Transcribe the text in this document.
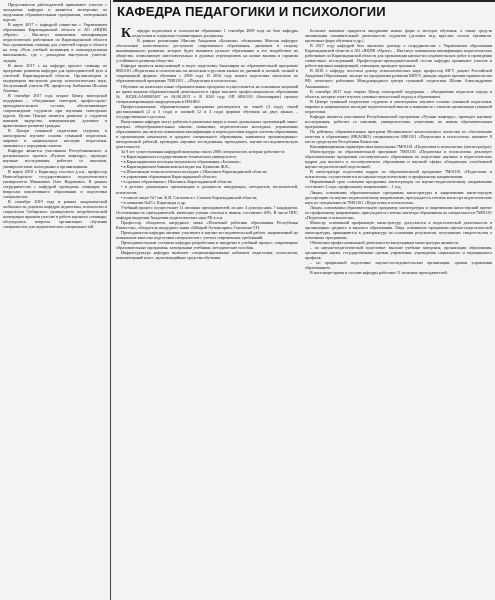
Представители работодателей принимают участие с заседаниях кафедры и являются экспертами по модульным образовательным программам, электронным курсам.

В марте 2017 г. кафедрой совместно с Управлением образования Карагандинской области и АО «НЦПК «Өрлеу» – Институт повышения квалификации педагогических работников по Карагандинской области был организован семинар для учителей города и области на тему «Роль учебной мотивации в самоопределении школьников», где с докладами выступили учителя-лидеры.

В июле 2017 г. на кафедре прошел семинар по программе развития кафедры для преподавателей вуза и учителей Карагандинской области. Организатором и модератором выступила доктор психологических наук, Заслуженный учитель РК, профессор Амбашева Шолпан Алаевна.

В сентябре 2017 года открыт Центр тьюторской поддержки – объединение тьюторов, профессорско-преподавательского состава, обеспечивающее сопровождение студентов при изучении тьюторских курсов. Целью Центра является развитие у студентов навыков лидерства, коммуникации, духовное и нравственное развитие граждан.

В Центре гуманной педагогики студенты и магистранты изучают основы гуманной педагогики, мировое и национальное наследие педагогики, знакомятся с передовым опытом.

Кафедра является участником Республиканского и регионального проекта «Рухани жаңғыру», проводит научные исследования, работает со школами, университетами, колледжами и организациями.

В марте 2018 г. Караганду посетил д.п.н., профессор Новосибирского государственного педагогического университета Мачаневич Олег Вадимович. В рамках сотрудничества с кафедрой проведены семинары по вопросам инклюзивного образования и подготовки специалистов.

В сентябре 2019 года в рамках академической мобильности доценты кафедры педагогики, психологии и социологии Сибирского университета потребительской кооперации приняли участие в работе научного семинара, обсуждались вопросы организации обучения специалистов для педагогических специальностей.

КАФЕДРА ПЕДАГОГИКИ И ПСИХОЛОГИИ

Кафедра педагогики и психологии образовано 1 сентября 2009 года на базе кафедры педагогики и социально-гуманитарных дисциплин.

В рамках реализации Миссии Академии «Болашак» обозначены Миссия кафедры: обеспечение качественного доступного современного образования, движение в сторону инновационного развития, которое будет вызывать цельное образование и его воздействие на общество, позволяющее интеллектуально и духовно отреагировать на новые вызовы и гарантия устойчивого развития общества.

Кафедра является выпускающей и ведет подготовку бакалавров по образовательной программе 6В01101 «Педагогика и психология» на казахском и русском языках по дневной и заочной, полной и сокращенной формам обучения с 2006 года. В 2016 году начата подготовка магистров по образовательной программе 7М01101 – «Педагогика и психология».

Обучение на казахском языке образовательных программ осуществляется на основании лицензий на право ведения образовательной деятельности в сфере высшего профессионального образования № КZ20LAA00005467 от 04.08.2015 г. В 2020 году ОП 6В01101 (бакалавриат) прошла специализированную аккредитацию в НАОКО.

Профессиональные образовательные программы реализуются по очной (4 года), очной дистанционной (2 и 3 года) и заочной (2 и 3 года) формам обучения на двух языках – государственном и русском.

Выпускники кафедры могут работать в различных видах и типах дошкольных организаций, мини-центрах, общеобразовательных школах, гимназиях, педагогических колледжах, управлениях образованием, институтах повышения квалификации и переподготовки кадров системы образования, в организациях начального и среднего специального образования, заниматься организационно-методической работой, проводить научные исследования, преподавать, научно-исследовательскую деятельность.

За 9 лет существования кафедрой выпущено около 2000 специалистов, которые работают в:

• в Карагандинском государственном техническом университете;

• в Карагандинском колледже актуального образования «Болашак»;

• в Карагандинском банковском колледже им. Букенова Ж.К.;

• в Шахтинском технологическом колледже г. Шахтинск Карагандинской области;

• в управлении образования Карагандинской области;

• в органах образования г. Шахтинск Карагандинской области;

• в детских дошкольных организациях в должности заведующих, методистов, воспитателей, психологов;

• в школе-лицее №7 им. К.И. Сатпаева в г. Сатпаев Карагандинской области;

• в гимназии №45 г. Караганды и др.

Учебный процесс осуществляет 11 штатных преподавателей, из них: 4 доктора наук, 7 кандидатов. Остепененность преподавателей, имеющих ученые степени и звания, составляет 40%. В числе ППС кафедры академии Академии педагогических наук РК к.п.н.

Профессор, обладатель нагрудного знака «Почетный работник образования Республики Казахстан», обладатель нагрудного знака «Ыбырай Алтынсарин» Смолкина Т.П.

Преподаватели кафедры активно участвуют в научно-исследовательской работе, направленной на повышение качества подготовки специалистов с учетом современных требований.

Преподавательским составом кафедры разработаны и внедрены в учебный процесс современные образовательные программы, электронные учебники, методические пособия.

Инфраструктура кафедры включает специализированные кабинеты педагогики, психологии, компьютерный класс, мультимедийные средства обучения.

Большое значение придается внедрению новых форм и методов обучения, а также средств активизации познавательной деятельности студентов (деловых игр, круглых столов, тренингов, проектных форм обучения и др.).

В 2017 году кафедрой был заключен договор о сотрудничестве с Управлением образования Карагандинской области и АО «НЦПК «Өрлеу» – Институт повышения квалификации педагогических работников по Карагандинской области для организации научно-исследовательских работ и проведения совместных исследований. Профессорско-преподавательский состав кафедры принимает участие в работе научных конференций, семинаров, проводит тренинги.

В 2018 г. кафедру посетила доктор психологических наук, профессор МГУ, доцент Российской Академии Образования, эксперт по программам развития МПТУ, дважды лауреат премии правительства РФ, почетного работника Международного центра гуманной педагогики Шалва Александрович Амонашвили.

В сентябре 2017 года открыт Центр тьюторской поддержки – объединение педагогов города и области, которые хотят изучать гуманно-личностный подход в образовании.

В Центре гуманной педагогики студенты и магистранты изучают основы гуманной педагогики, мировое и национальное наследие педагогической мысли и знакомятся с опытом организации гуманной педагогики.

Кафедра является участником Республиканской программы «Рухани жаңғыру», проводит научные исследования, работает со школами, университетами, учителями, по новым образовательным программам.

По рейтингу образовательных программ Независимого казахстанского агентства по обеспечению качества в образовании (НКАОКО) специальность 6В01101 «Педагогика и психология» занимает 8 место среди вузов Республики Казахстан.

Квалификационная характеристика выпускника 7М01101 «Педагогика и психология» (магистратура):

Магистратура по образовательной программе 7М01101 «Педагогика и психология» реализует образовательные программы послевузовского образования по подготовке научных и педагогических кадров для высшего и послевузовского образования и научной сферы, обладающих углубленной научно-педагогической подготовкой.

В магистратуре подготовка кадров по образовательной программе 7М01101 «Педагогика и психология» осуществляется по научно-педагогическому и профильному направлениям.

Нормативный срок освоения программы магистратуры по научно-педагогическому направлению составляет 2 года; профильному направлению – 1 год.

Лицам, освоившим образовательные программы магистратуры и защитившим магистерскую диссертацию по научно-педагогическому направлению, присуждается степень магистра педагогических наук по специальности 7М01101 «Педагогика и психология».

Лицам, освоившим образовательную программу магистратуры и защитившим магистерский проект по профильному направлению, присуждается степень магистра образования по специальности 7М01101 «Педагогика и психология».

Магистр, освоивший профильную магистратуру, допускается к педагогической деятельности в организациях среднего и высшего образования. Лица, освоившие программы научно-педагогической магистратуры, принимаются в докторантуру на основании результатов, получивших свидетельства о освоенных программах.

Объектами профессиональной деятельности выпускников магистратуры являются:

– по научно-педагогической подготовке: высшие учебные заведения, организации образования, организации науки, государственные органы управления, учреждения социального и медицинского профиля;

– по профильной подготовке: научно-исследовательские организации, органы управления образованием.

В настоящее время в составе кафедры работают 11 штатных преподавателей.
